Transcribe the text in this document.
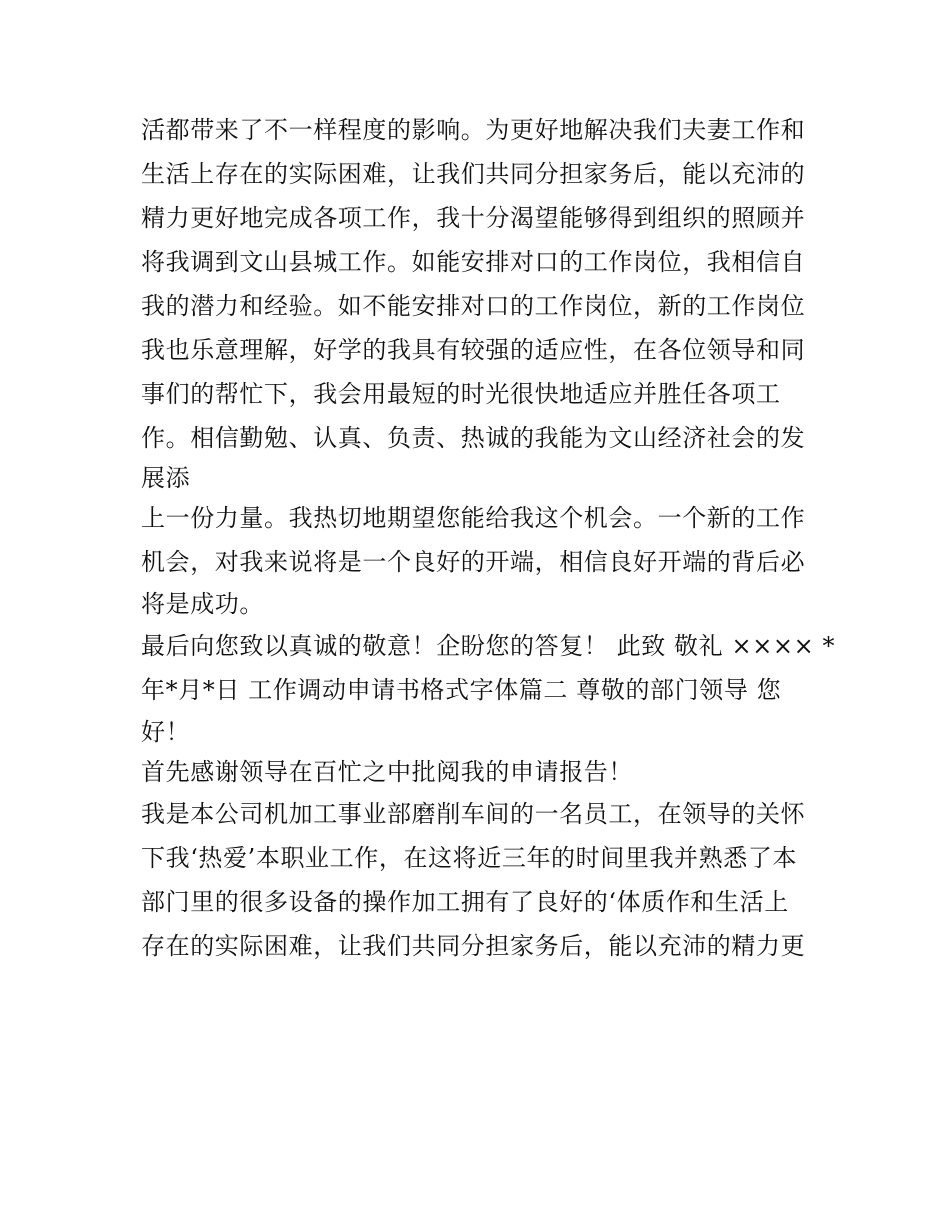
活都带来了不一样程度的影响。为更好地解决我们夫妻工作和
生活上存在的实际困难，让我们共同分担家务后，能以充沛的
精力更好地完成各项工作，我十分渴望能够得到组织的照顾并
将我调到文山县城工作。如能安排对口的工作岗位，我相信自
我的潜力和经验。如不能安排对口的工作岗位，新的工作岗位
我也乐意理解，好学的我具有较强的适应性，在各位领导和同
事们的帮忙下，我会用最短的时光很快地适应并胜任各项工
作。相信勤勉、认真、负责、热诚的我能为文山经济社会的发
展添
上一份力量。我热切地期望您能给我这个机会。一个新的工作
机会，对我来说将是一个良好的开端，相信良好开端的背后必
将是成功。
最后向您致以真诚的敬意！企盼您的答复！ 此致 敬礼 ×××× *
年*月*日 工作调动申请书格式字体篇二 尊敬的部门领导 您
好！
首先感谢领导在百忙之中批阅我的申请报告！
我是本公司机加工事业部磨削车间的一名员工，在领导的关怀
下我‘热爱’本职业工作，在这将近三年的时间里我并熟悉了本
部门里的很多设备的操作加工拥有了良好的‘体质作和生活上
存在的实际困难，让我们共同分担家务后，能以充沛的精力更
